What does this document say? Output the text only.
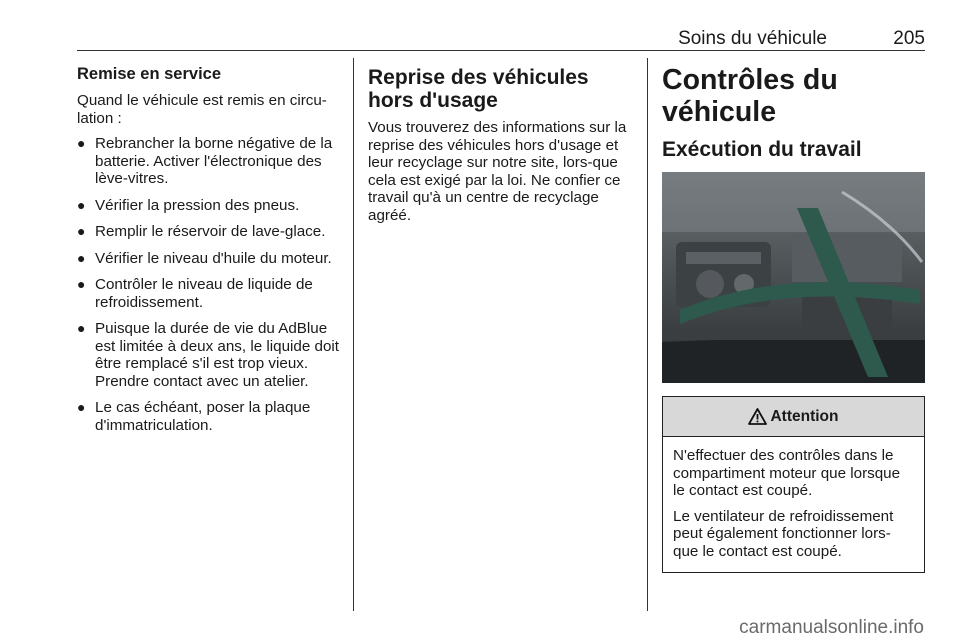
Soins du véhicule	205
Remise en service

Quand le véhicule est remis en circu-lation :

● Rebrancher la borne négative de la batterie. Activer l'électronique des lève-vitres.
● Vérifier la pression des pneus.
● Remplir le réservoir de lave-glace.
● Vérifier le niveau d'huile du moteur.
● Contrôler le niveau de liquide de refroidissement.
● Puisque la durée de vie du AdBlue est limitée à deux ans, le liquide doit être remplacé s'il est trop vieux. Prendre contact avec un atelier.
● Le cas échéant, poser la plaque d'immatriculation.
Reprise des véhicules hors d'usage

Vous trouverez des informations sur la reprise des véhicules hors d'usage et leur recyclage sur notre site, lors-que cela est exigé par la loi. Ne confier ce travail qu'à un centre de recyclage agréé.

Contrôles du véhicule
Exécution du travail
Attention

N'effectuer des contrôles dans le compartiment moteur que lorsque le contact est coupé.

Le ventilateur de refroidissement peut également fonctionner lors-que le contact est coupé.

carmanualsonline.info
